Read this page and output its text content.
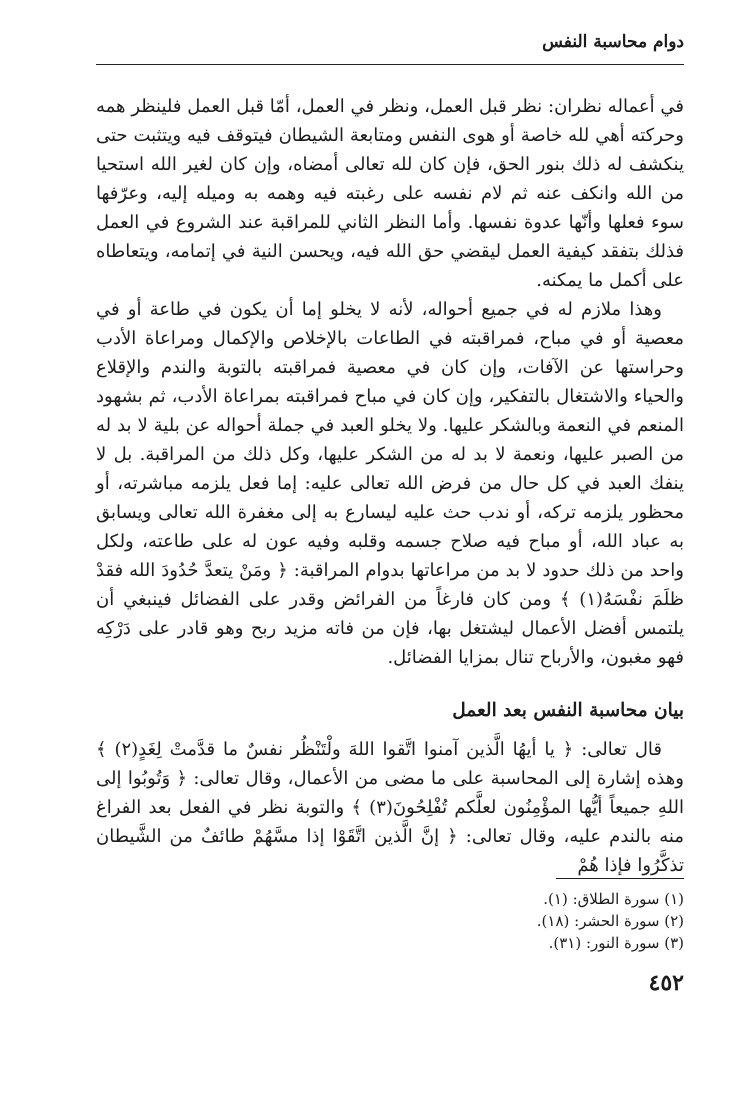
دوام محاسبة النفس

في أعماله نظران: نظر قبل العمل، ونظر في العمل، أمّا قبل العمل فلينظر همه وحركته أهي لله خاصة أو هوى النفس ومتابعة الشيطان فيتوقف فيه ويتثبت حتى ينكشف له ذلك بنور الحق، فإن كان لله تعالى أمضاه، وإن كان لغير الله استحيا من الله وانكف عنه ثم لام نفسه على رغبته فيه وهمه به وميله إليه، وعرّفها سوء فعلها وأنّها عدوة نفسها. وأما النظر الثاني للمراقبة عند الشروع في العمل فذلك بتفقد كيفية العمل ليقضي حق الله فيه، ويحسن النية في إتمامه، ويتعاطاه على أكمل ما يمكنه.

وهذا ملازم له في جميع أحواله، لأنه لا يخلو إما أن يكون في طاعة أو في معصية أو في مباح، فمراقبته في الطاعات بالإخلاص والإكمال ومراعاة الأدب وحراستها عن الآفات، وإن كان في معصية فمراقبته بالتوبة والندم والإقلاع والحياء والاشتغال بالتفكير، وإن كان في مباح فمراقبته بمراعاة الأدب، ثم بشهود المنعم في النعمة وبالشكر عليها. ولا يخلو العبد في جملة أحواله عن بلية لا بد له من الصبر عليها، ونعمة لا بد له من الشكر عليها، وكل ذلك من المراقبة. بل لا ينفك العبد في كل حال من فرض الله تعالى عليه: إما فعل يلزمه مباشرته، أو محظور يلزمه تركه، أو ندب حث عليه ليسارع به إلى مغفرة الله تعالى ويسابق به عباد الله، أو مباح فيه صلاح جسمه وقلبه وفيه عون له على طاعته، ولكل واحد من ذلك حدود لا بد من مراعاتها بدوام المراقبة: ﴿ ومَنْ يتعدَّ حُدُودَ الله فقدْ ظلَمَ نفْسَهُ(١) ﴾ ومن كان فارغاً من الفرائض وقدر على الفضائل فينبغي أن يلتمس أفضل الأعمال ليشتغل بها، فإن من فاته مزيد ربح وهو قادر على دَرْكِه فهو مغبون، والأرباح تنال بمزايا الفضائل.

بيان محاسبة النفس بعد العمل

قال تعالى: ﴿ يا أيهُا الَّذين آمنوا اتَّقوا اللهَ ولْتَنْظُر نفسٌ ما قدَّمتْ لِغَدٍ(٢) ﴾ وهذه إشارة إلى المحاسبة على ما مضى من الأعمال، وقال تعالى: ﴿ وَتُوبُوا إلى اللهِ جميعاً أيُّها المؤْمِنُون لعلَّكم تُفْلِحُونَ(٣) ﴾ والتوبة نظر في الفعل بعد الفراغ منه بالندم عليه، وقال تعالى: ﴿ إنَّ الَّذين اتَّقَوْا إذا مسَّهُمْ طائفٌ من الشَّيطان تذكَّرُوا فإذا هُمْ

(١) سورة الطلاق: (١).
(٢) سورة الحشر: (١٨).
(٣) سورة النور: (٣١).
٤٥٢
